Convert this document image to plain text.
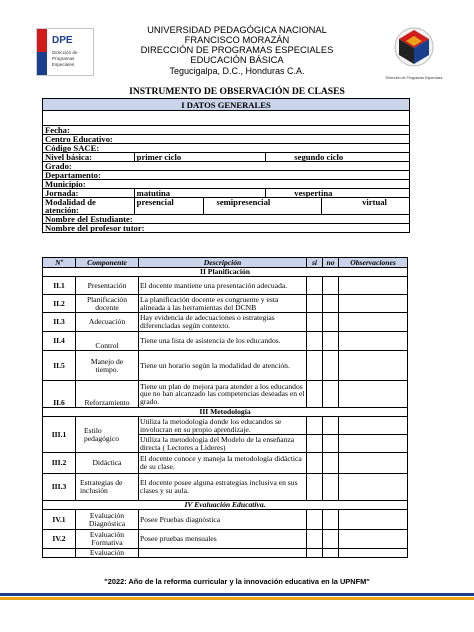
DPE
Dirección de Programas Especiales
Dirección de Programas Especiales
UNIVERSIDAD PEDAGÓGICA NACIONAL
FRANCISCO MORAZÁN
DIRECCIÓN DE PROGRAMAS ESPECIALES
EDUCACIÓN BÁSICA
Tegucigalpa, D.C., Honduras C.A.
INSTRUMENTO DE OBSERVACIÓN DE CLASES
I DATOS GENERALES				

Fecha:				
Centro Educativo:				
Código SACE:				
Nivel básica:	primer ciclo		segundo ciclo	
Grado:				
Departamento:				
Municipio:				
Jornada:	matutina		vespertina	
Modalidad de atención:	presencial	semipresencial		virtual
Nombre del Estudiante:				
Nombre del profesor tutor:				
Nº	Componente	Descripción	si	no	Observaciones
II Planificación					
II.1	Presentación	El docente mantiene una presentación adecuada.			
II.2	Planificación docente	La planificación docente es congruente y esta alineada a las herramientas del DCNB			
II.3	Adecuación	Hay evidencia de adecuaciones o estrategias diferenciadas según contexto.			
II.4	Control	Tiene una lista de asistencia de los educandos.			
II.5	Manejo de tiempo.	Tiene un horario según la modalidad de atención.			
II.6	Reforzamiento	Tiene un plan de mejora para atender a los educandos que no han alcanzado las competencias deseadas en el grado.			
III Metodología					
III.1	Estilo pedagógico	Utiliza la metodología donde los educandos se involucran en su propio aprendizaje.			
		Utiliza la metodología del Modelo de la enseñanza directa ( Lectores a Lideres)			
III.2	Didáctica	El docente conoce y maneja la metodología didáctica de su clase.			
III.3	Estrategias de inclusión	El docente posee alguna estrategias inclusiva en sus clases y su aula.			
IV Evaluación Educativa.					
IV.1	Evaluación Diagnóstica	Posee Pruebas diagnóstica			
IV.2	Evaluación Formativa	Posee pruebas mensuales			
	Evaluación				
"2022: Año de la reforma curricular y la innovación educativa en la UPNFM"
